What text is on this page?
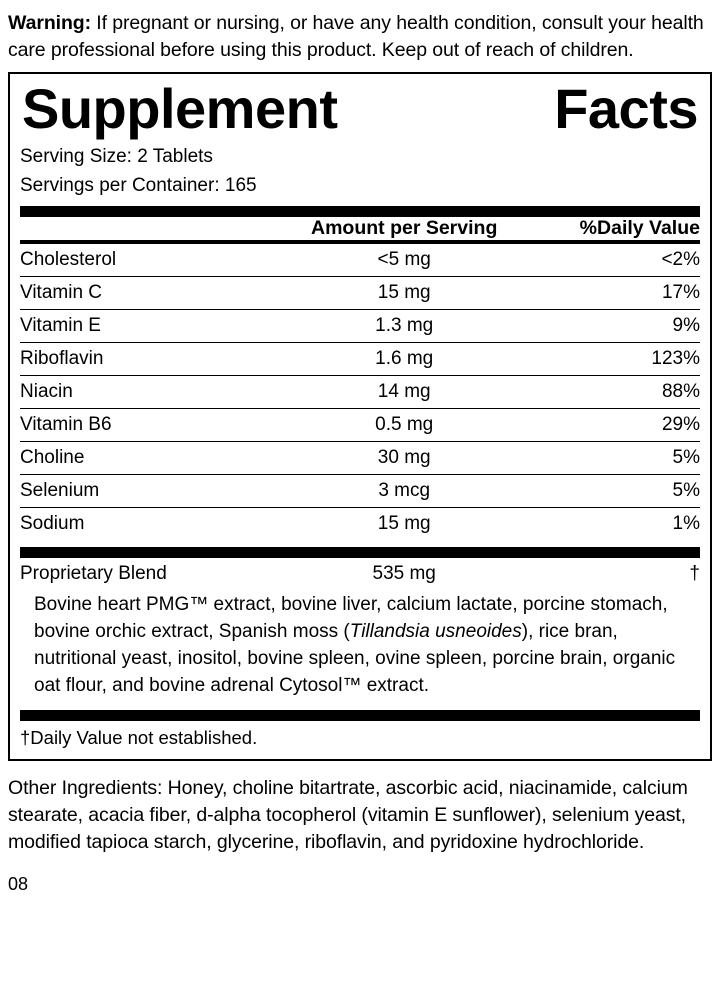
Warning: If pregnant or nursing, or have any health condition, consult your health care professional before using this product. Keep out of reach of children.
Supplement	Facts
Serving Size: 2 Tablets
Servings per Container: 165
	Amount per Serving	%Daily Value
Cholesterol	<5 mg	<2%
Vitamin C	15 mg	17%
Vitamin E	1.3 mg	9%
Riboflavin	1.6 mg	123%
Niacin	14 mg	88%
Vitamin B6	0.5 mg	29%
Choline	30 mg	5%
Selenium	3 mcg	5%
Sodium	15 mg	1%
Proprietary Blend	535 mg	†
Bovine heart PMG™ extract, bovine liver, calcium lactate, porcine stomach, bovine orchic extract, Spanish moss (Tillandsia usneoides), rice bran, nutritional yeast, inositol, bovine spleen, ovine spleen, porcine brain, organic oat flour, and bovine adrenal Cytosol™ extract.
†Daily Value not established.
Other Ingredients: Honey, choline bitartrate, ascorbic acid, niacinamide, calcium stearate, acacia fiber, d-alpha tocopherol (vitamin E sunflower), selenium yeast, modified tapioca starch, glycerine, riboflavin, and pyridoxine hydrochloride.
08
